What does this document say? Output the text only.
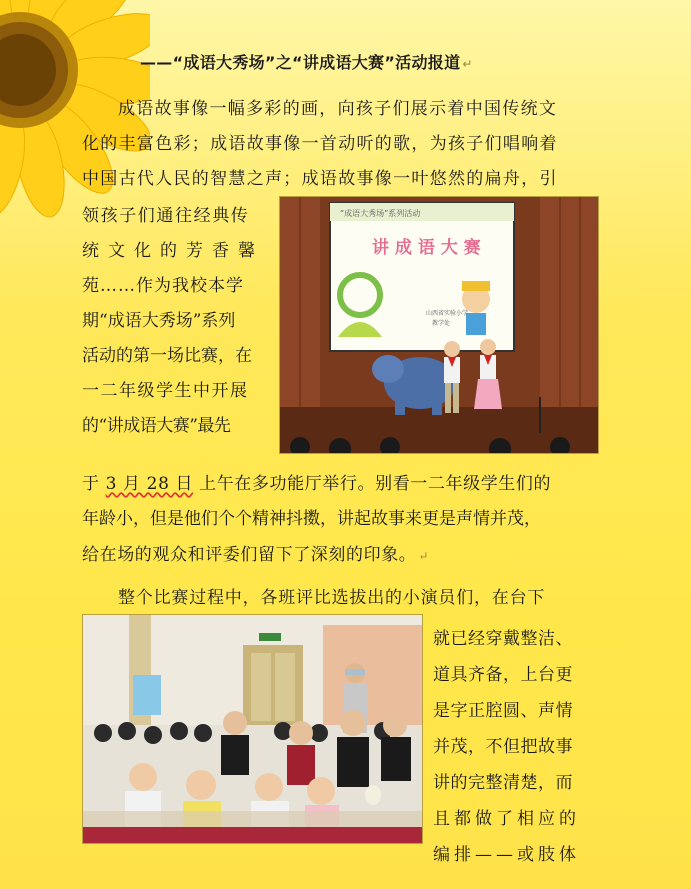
——“成语大秀场”之“讲成语大赛”活动报道 ↵
成语故事像一幅多彩的画，向孩子们展示着中国传统文
化的丰富色彩；成语故事像一首动听的歌，为孩子们唱响着
中国古代人民的智慧之声；成语故事像一叶悠然的扁舟，引
领孩子们通往经典传
统文化的芳香馨
苑……作为我校本学
期“成语大秀场”系列
活动的第一场比赛，在
一二年级学生中开展
的“讲成语大赛”最先
于 3 月 28 日 上午在多功能厅举行。别看一二年级学生们的
年龄小，但是他们个个精神抖擞，讲起故事来更是声情并茂，
给在场的观众和评委们留下了深刻的印象。 ↵
整个比赛过程中，各班评比选拔出的小演员们，在台下
就已经穿戴整洁、
道具齐备，上台更
是字正腔圆、声情
并茂，不但把故事
讲的完整清楚，而
且都做了相应的
编排——或肢体
“成语大秀场”系列活动
讲 成 语 大 赛
山西省实验小学
教学处
